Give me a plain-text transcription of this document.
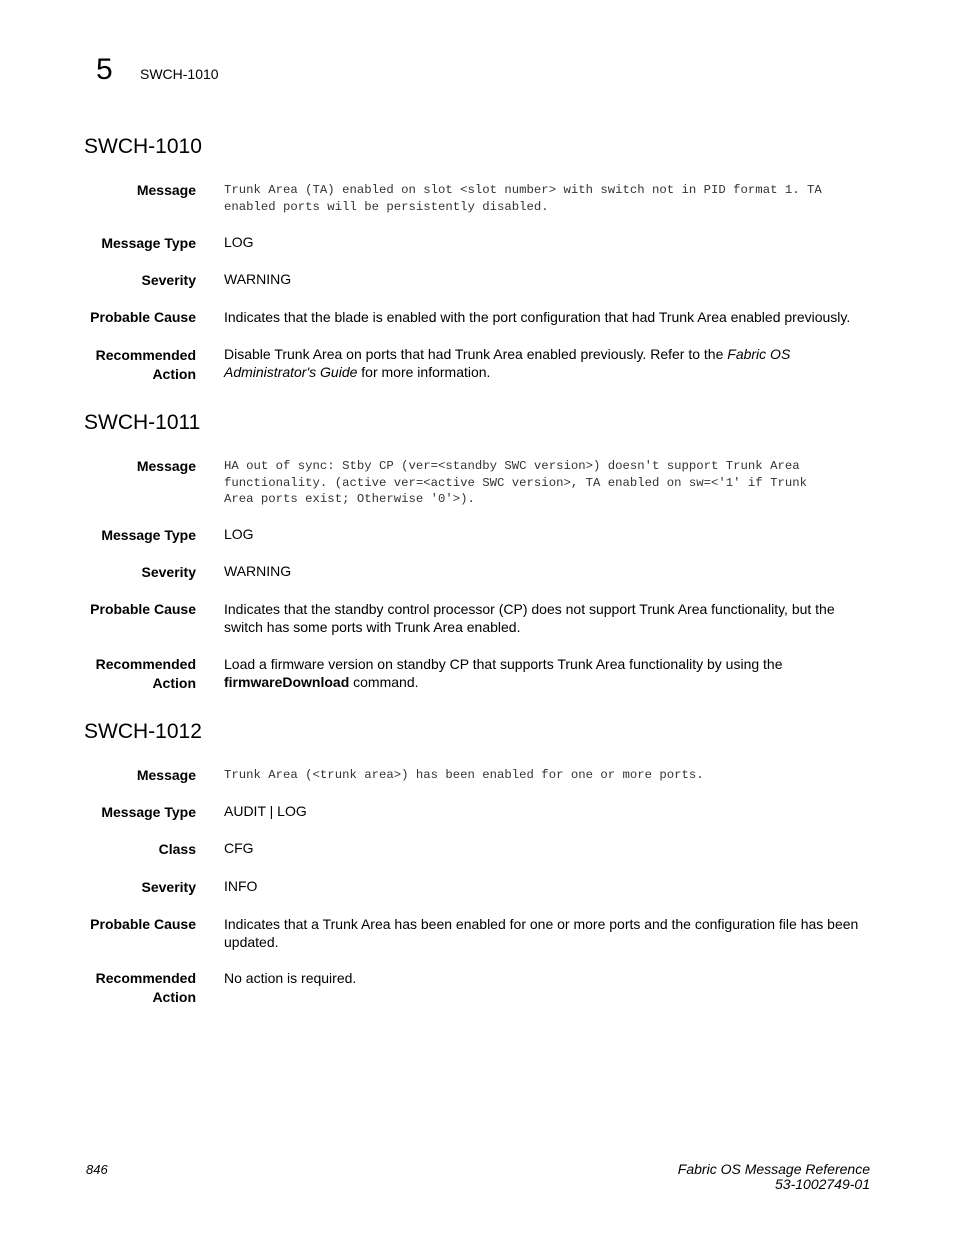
5 SWCH-1010
SWCH-1010
Message Trunk Area (TA) enabled on slot <slot number> with switch not in PID format 1. TA
enabled ports will be persistently disabled.
Message Type LOG
Severity WARNING
Probable Cause Indicates that the blade is enabled with the port configuration that had Trunk Area enabled previously.
Recommended
Action
Disable Trunk Area on ports that had Trunk Area enabled previously. Refer to the Fabric OS Administrator's Guide for more information.
SWCH-1011
Message HA out of sync: Stby CP (ver=<standby SWC version>) doesn't support Trunk Area
functionality. (active ver=<active SWC version>, TA enabled on sw=<'1' if Trunk
Area ports exist; Otherwise '0'>).
Message Type LOG
Severity WARNING
Probable Cause Indicates that the standby control processor (CP) does not support Trunk Area functionality, but the switch has some ports with Trunk Area enabled.
Recommended
Action
Load a firmware version on standby CP that supports Trunk Area functionality by using the firmwareDownload command.
SWCH-1012
Message Trunk Area (<trunk area>) has been enabled for one or more ports.
Message Type AUDIT | LOG
Class CFG
Severity INFO
Probable Cause Indicates that a Trunk Area has been enabled for one or more ports and the configuration file has been updated.
Recommended
Action
No action is required.
846	Fabric OS Message Reference
53-1002749-01
